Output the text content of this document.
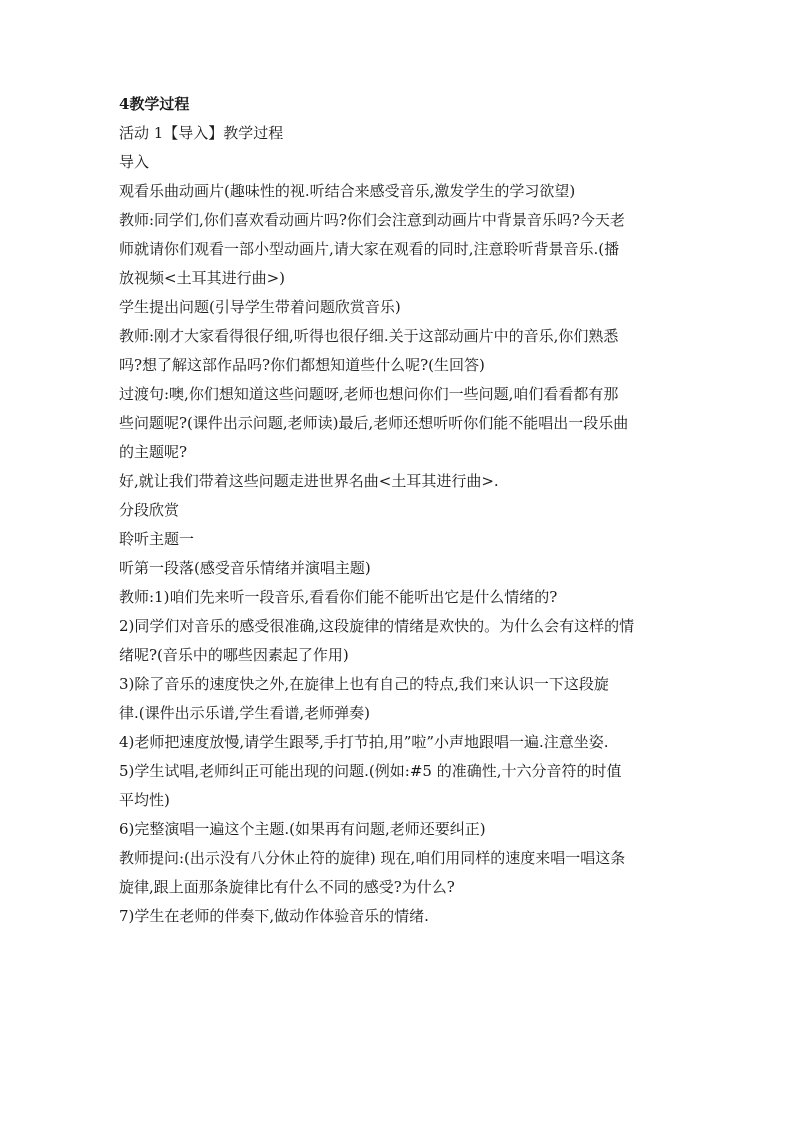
4教学过程
活动 1【导入】教学过程
导入
观看乐曲动画片(趣味性的视.听结合来感受音乐,激发学生的学习欲望)
教师:同学们,你们喜欢看动画片吗?你们会注意到动画片中背景音乐吗?今天老
师就请你们观看一部小型动画片,请大家在观看的同时,注意聆听背景音乐.(播
放视频<土耳其进行曲>)
学生提出问题(引导学生带着问题欣赏音乐)
教师:刚才大家看得很仔细,听得也很仔细.关于这部动画片中的音乐,你们熟悉
吗?想了解这部作品吗?你们都想知道些什么呢?(生回答)
过渡句:噢,你们想知道这些问题呀,老师也想问你们一些问题,咱们看看都有那
些问题呢?(课件出示问题,老师读)最后,老师还想听听你们能不能唱出一段乐曲
的主题呢?
好,就让我们带着这些问题走进世界名曲<土耳其进行曲>.
分段欣赏
聆听主题一
听第一段落(感受音乐情绪并演唱主题)
教师:1)咱们先来听一段音乐,看看你们能不能听出它是什么情绪的?
2)同学们对音乐的感受很准确,这段旋律的情绪是欢快的。为什么会有这样的情
绪呢?(音乐中的哪些因素起了作用)
3)除了音乐的速度快之外,在旋律上也有自己的特点,我们来认识一下这段旋
律.(课件出示乐谱,学生看谱,老师弹奏)
4)老师把速度放慢,请学生跟琴,手打节拍,用”啦”小声地跟唱一遍.注意坐姿.
5)学生试唱,老师纠正可能出现的问题.(例如:#5 的准确性,十六分音符的时值
平均性)
6)完整演唱一遍这个主题.(如果再有问题,老师还要纠正)
教师提问:(出示没有八分休止符的旋律) 现在,咱们用同样的速度来唱一唱这条
旋律,跟上面那条旋律比有什么不同的感受?为什么?
7)学生在老师的伴奏下,做动作体验音乐的情绪.
